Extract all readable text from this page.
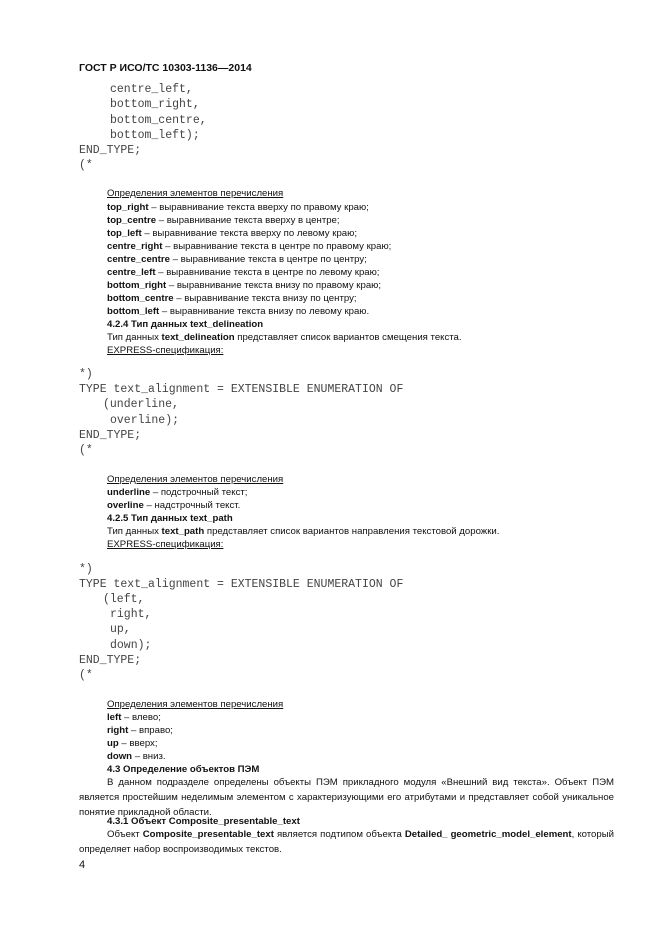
ГОСТ Р ИСО/ТС 10303-1136—2014
centre_left,
bottom_right,
bottom_centre,
bottom_left);
END_TYPE;
(*
Определения элементов перечисления
top_right – выравнивание текста вверху по правому краю;
top_centre – выравнивание текста вверху в центре;
top_left – выравнивание текста вверху по левому краю;
centre_right – выравнивание текста в центре по правому краю;
centre_centre – выравнивание текста в центре по центру;
centre_left – выравнивание текста в центре по левому краю;
bottom_right – выравнивание текста внизу по правому краю;
bottom_centre – выравнивание текста внизу по центру;
bottom_left – выравнивание текста внизу по левому краю.
4.2.4 Тип данных text_delineation
Тип данных text_delineation представляет список вариантов смещения текста.
EXPRESS-спецификация:
*)
TYPE text_alignment = EXTENSIBLE ENUMERATION OF
(underline,
overline);
END_TYPE;
(*
Определения элементов перечисления
underline – подстрочный текст;
overline – надстрочный текст.
4.2.5 Тип данных text_path
Тип данных text_path представляет список вариантов направления текстовой дорожки.
EXPRESS-спецификация:
*)
TYPE text_alignment = EXTENSIBLE ENUMERATION OF
(left,
right,
up,
down);
END_TYPE;
(*
Определения элементов перечисления
left – влево;
right – вправо;
up – вверх;
down – вниз.
4.3 Определение объектов ПЭМ
В данном подразделе определены объекты ПЭМ прикладного модуля «Внешний вид текста». Объект ПЭМ является простейшим неделимым элементом с характеризующими его атрибутами и представляет собой уникальное понятие прикладной области.
4.3.1 Объект Composite_presentable_text
Объект Composite_presentable_text является подтипом объекта Detailed_ geometric_model_element, который определяет набор воспроизводимых текстов.
4
